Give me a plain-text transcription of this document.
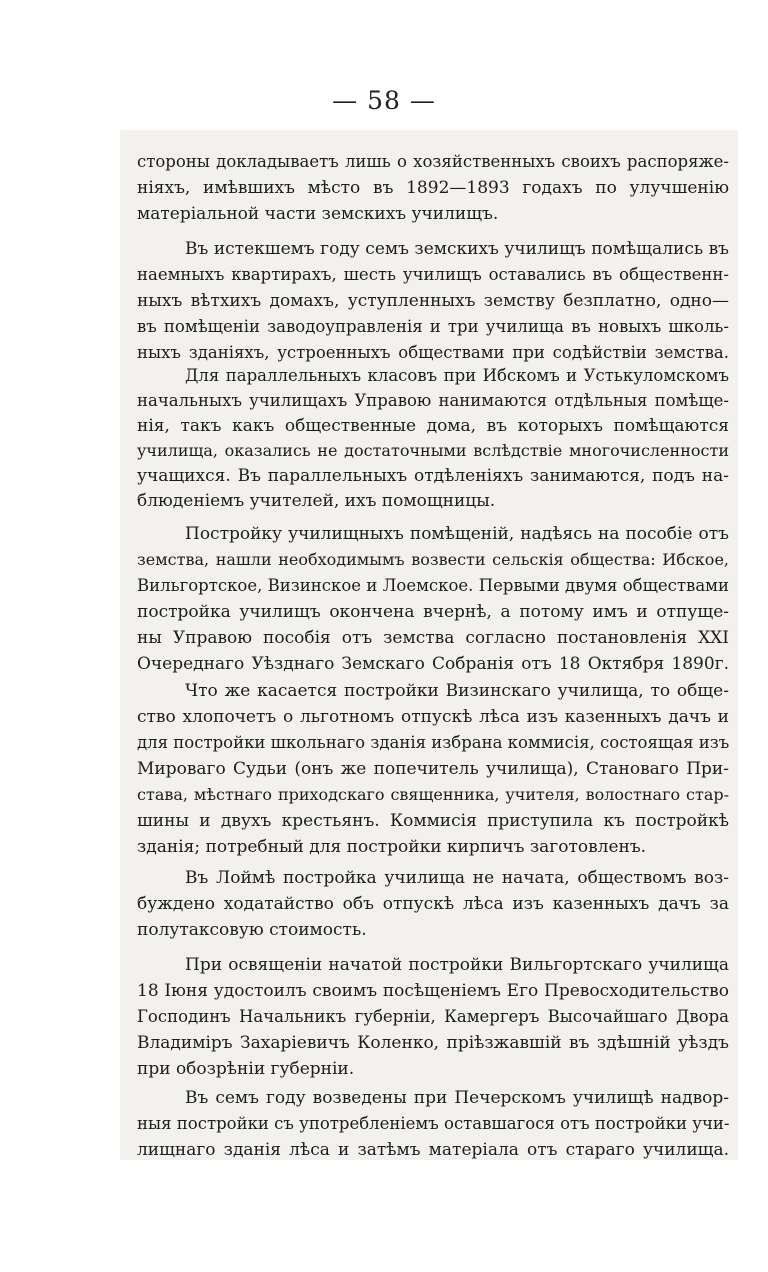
— 58 —
стороны докладываетъ лишь о хозяйственныхъ своихъ распоряже-
ніяхъ, имѣвшихъ мѣсто въ 1892—1893 годахъ по улучшенію
матеріальной части земскихъ училищъ.
Въ истекшемъ году семъ земскихъ училищъ помѣщались въ
наемныхъ квартирахъ, шесть училищъ оставались въ общественн-
ныхъ вѣтхихъ домахъ, уступленныхъ земству безплатно, одно—
въ помѣщеніи заводоуправленія и три училища въ новыхъ школь-
ныхъ зданіяхъ, устроенныхъ обществами при содѣйствіи земства.
Для параллельныхъ класовъ при Ибскомъ и Устькуломскомъ
начальныхъ училищахъ Управою нанимаются отдѣльныя помѣще-
нія, такъ какъ общественные дома, въ которыхъ помѣщаются
училища, оказались не достаточными вслѣдствіе многочисленности
учащихся. Въ параллельныхъ отдѣленіяхъ занимаются, подъ на-
блюденіемъ учителей, ихъ помощницы.
Постройку училищныхъ помѣщеній, надѣясь на пособіе отъ
земства, нашли необходимымъ возвести сельскія общества: Ибское,
Вильгортское, Визинское и Лоемское. Первыми двумя обществами
постройка училищъ окончена вчернѣ, а потому имъ и отпуще-
ны Управою пособія отъ земства согласно постановленія XXI
Очереднаго Уѣзднаго Земскаго Собранія отъ 18 Октября 1890г.
Что же касается постройки Визинскаго училища, то обще-
ство хлопочетъ о льготномъ отпускѣ лѣса изъ казенныхъ дачъ и
для постройки школьнаго зданія избрана коммисія, состоящая изъ
Мироваго Судьи (онъ же попечитель училища), Становаго При-
става, мѣстнаго приходскаго священника, учителя, волостнаго стар-
шины и двухъ крестьянъ. Коммисія приступила къ постройкѣ
зданія; потребный для постройки кирпичъ заготовленъ.
Въ Лоймѣ постройка училища не начата, обществомъ воз-
буждено ходатайство объ отпускѣ лѣса изъ казенныхъ дачъ за
полутаксовую стоимость.
При освященіи начатой постройки Вильгортскаго училища
18 Іюня удостоилъ своимъ посѣщеніемъ Его Превосходительство
Господинъ Начальникъ губерніи, Камергеръ Высочайшаго Двора
Владиміръ Захаріевичъ Коленко, пріѣзжавшій въ здѣшній уѣздъ
при обозрѣніи губерніи.
Въ семъ году возведены при Печерскомъ училищѣ надвор-
ныя постройки съ употребленіемъ оставшагося отъ постройки учи-
лищнаго зданія лѣса и затѣмъ матеріала отъ стараго училища.
